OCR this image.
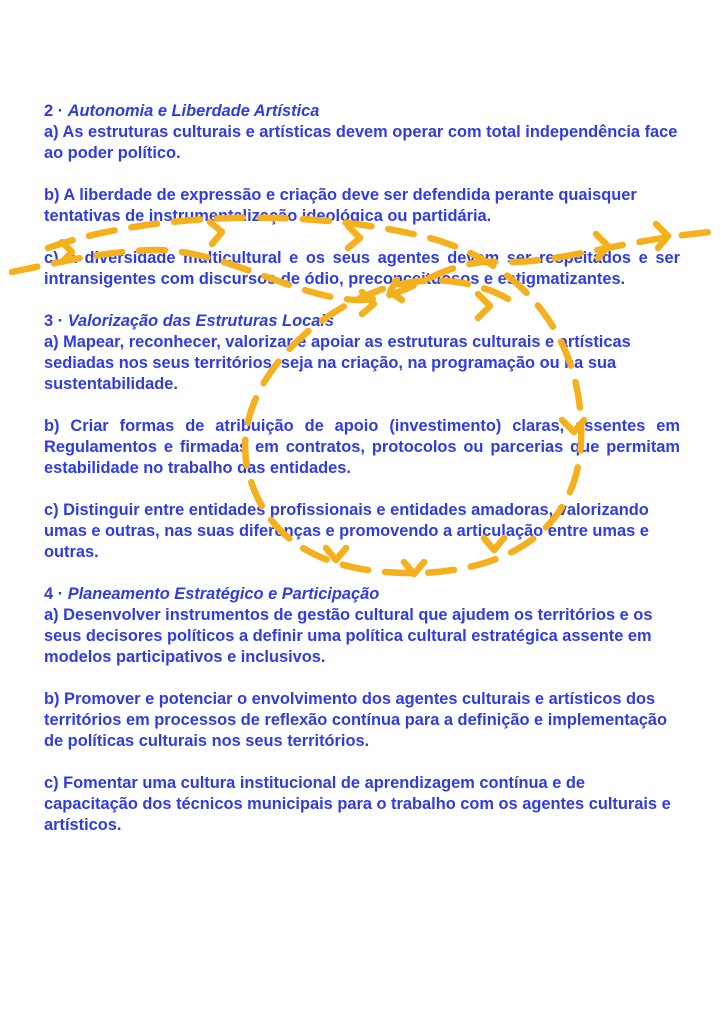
2 · Autonomia e Liberdade Artística

a) As estruturas culturais e artísticas devem operar com total independência face ao poder político.

b) A liberdade de expressão e criação deve ser defendida perante quaisquer tentativas de instrumentalização ideológica ou partidária.

c) A diversidade multicultural e os seus agentes devem ser respeitados e ser intransigentes com discursos de ódio, preconceituosos e estigmatizantes.

3 · Valorização das Estruturas Locais

a) Mapear, reconhecer, valorizar e apoiar as estruturas culturais e artísticas sediadas nos seus territórios, seja na criação, na programação ou na sua sustentabilidade.

b) Criar formas de atribuição de apoio (investimento) claras, assentes em Regulamentos e firmadas em contratos, protocolos ou parcerias que permitam estabilidade no trabalho das entidades.

c) Distinguir entre entidades profissionais e entidades amadoras, valorizando umas e outras, nas suas diferenças e promovendo a articulação entre umas e outras.

4 · Planeamento Estratégico e Participação

a) Desenvolver instrumentos de gestão cultural que ajudem os territórios e os seus decisores políticos a definir uma política cultural estratégica assente em modelos participativos e inclusivos.

b) Promover e potenciar o envolvimento dos agentes culturais e artísticos dos territórios em processos de reflexão contínua para a definição e implementação de políticas culturais nos seus territórios.

c) Fomentar uma cultura institucional de aprendizagem contínua e de capacitação dos técnicos municipais para o trabalho com os agentes culturais e artísticos.
